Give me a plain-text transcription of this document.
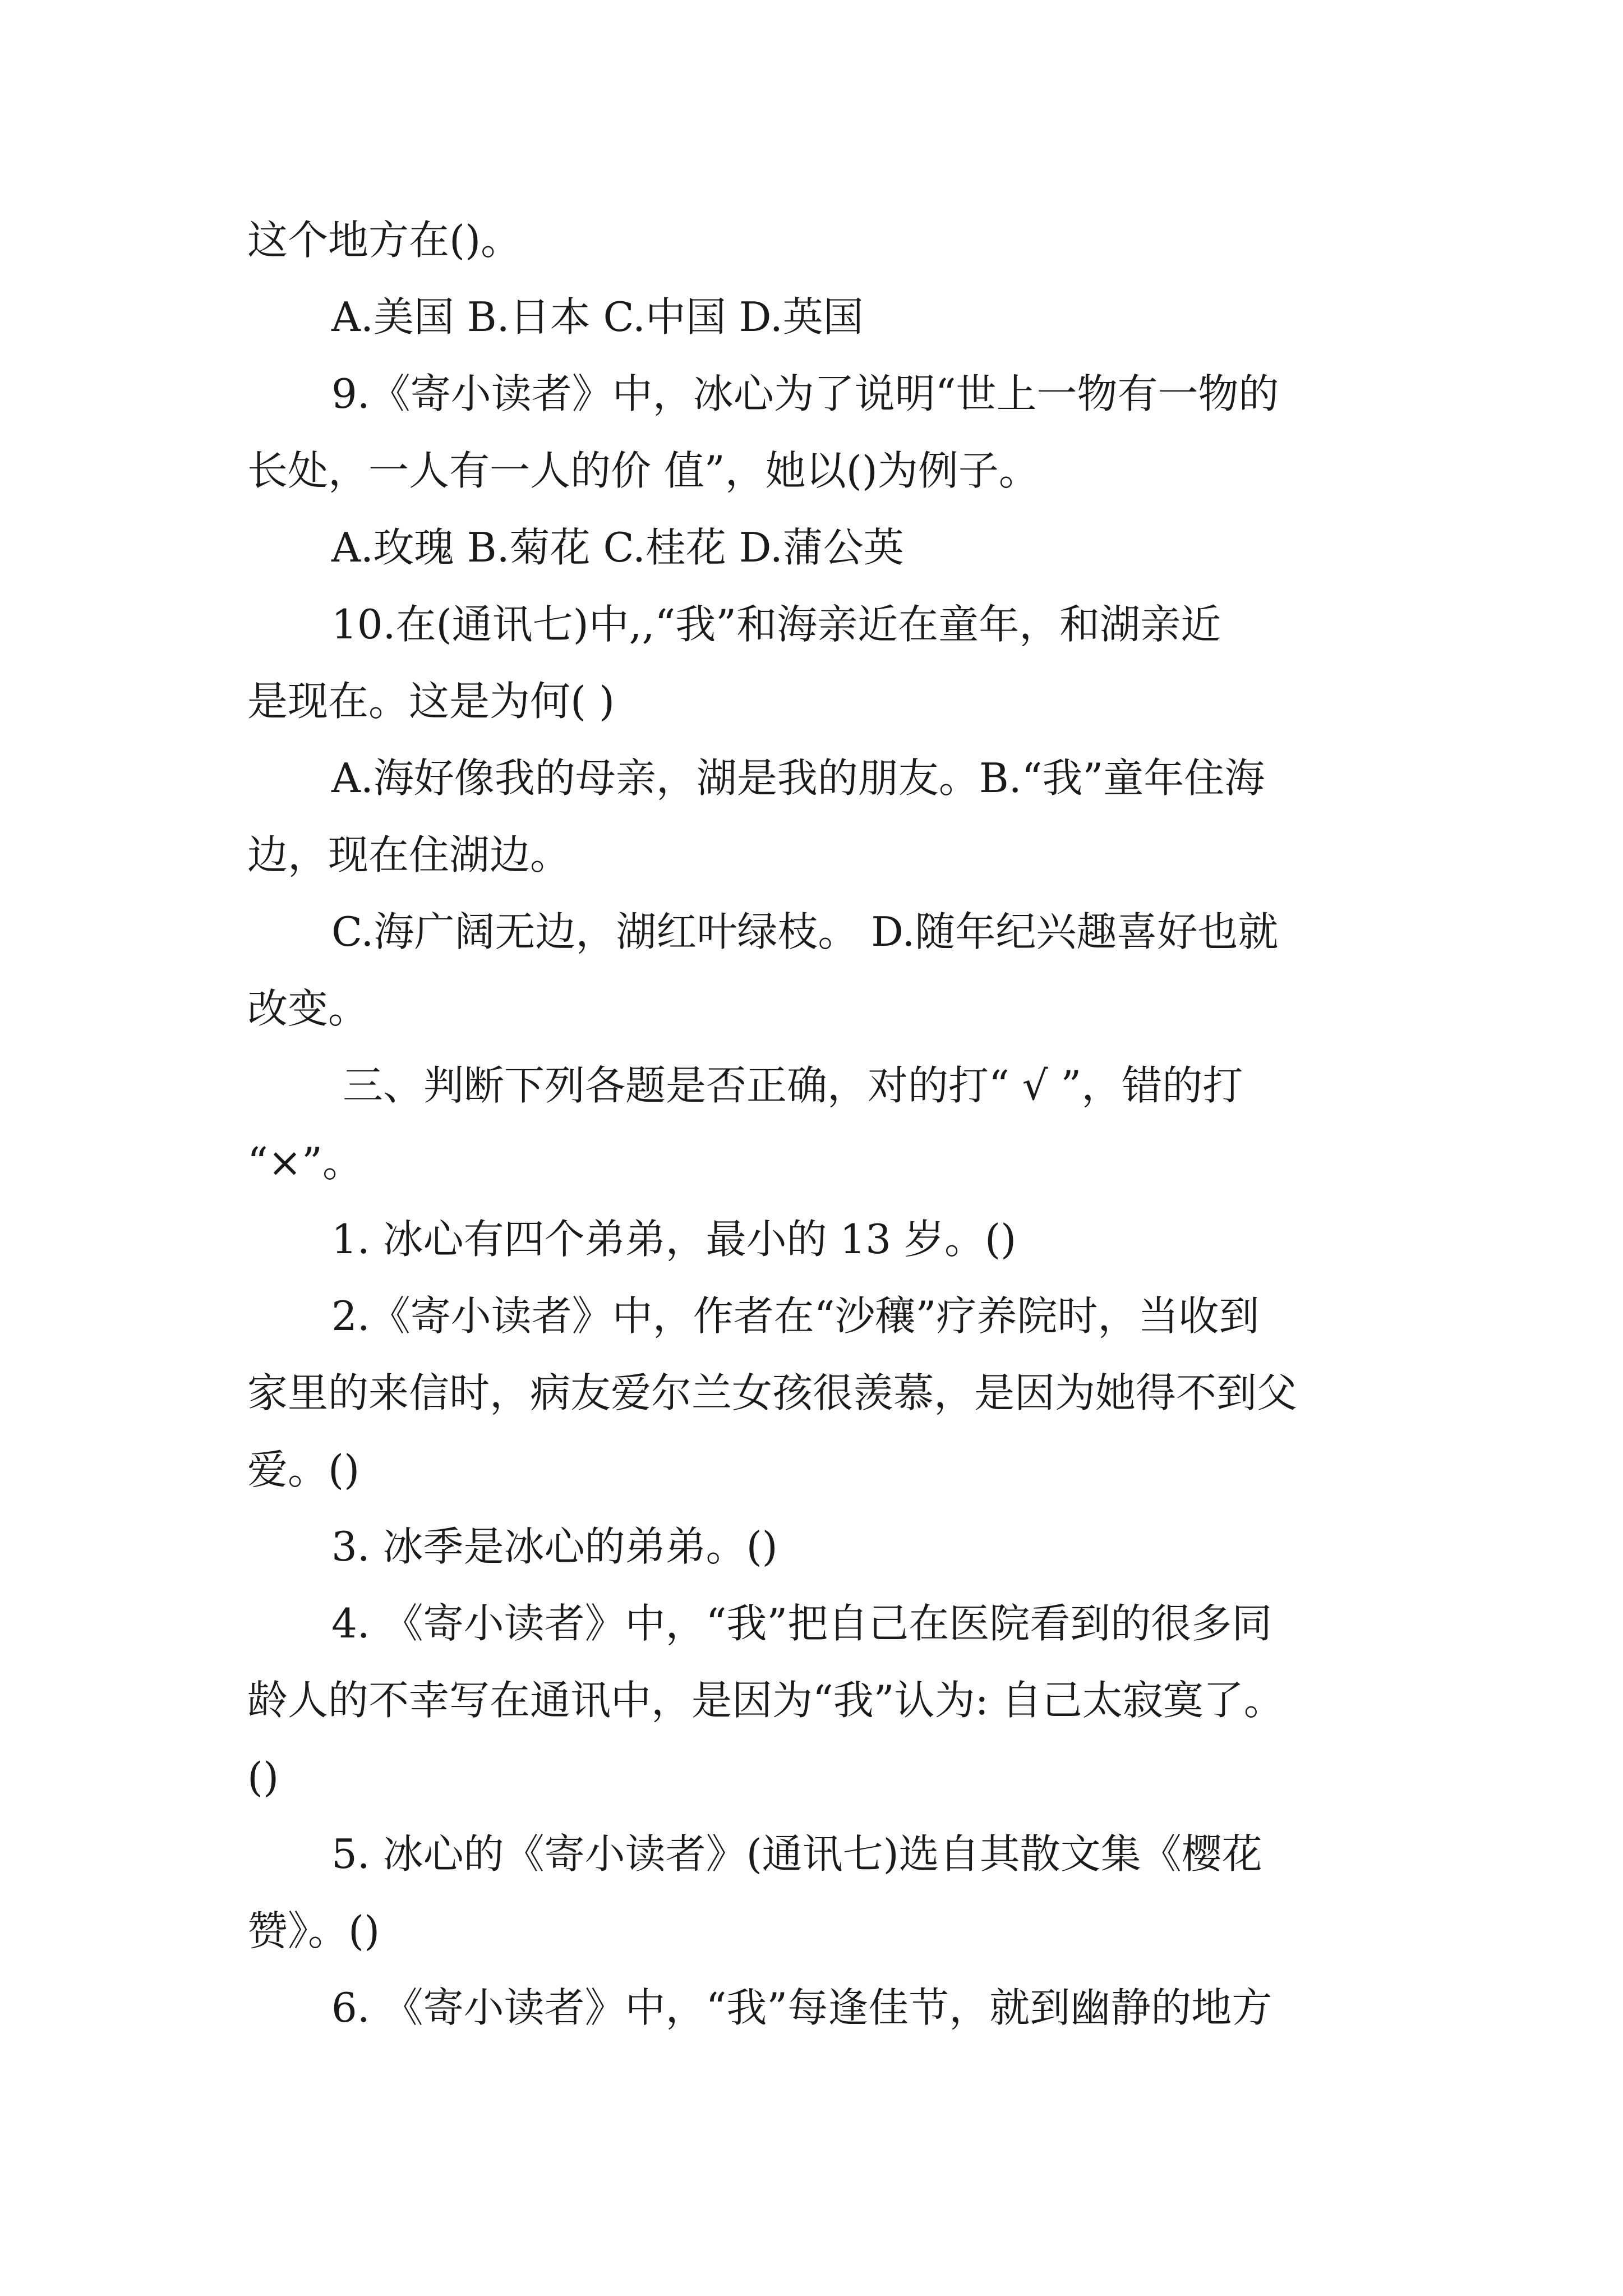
这个地方在()。
A.美国 B.日本 C.中国 D.英国
9.《寄小读者》中，冰心为了说明“世上一物有一物的
长处，一人有一人的价 值”，她以()为例子。
A.玫瑰 B.菊花 C.桂花 D.蒲公英
10.在(通讯七)中,,“我”和海亲近在童年，和湖亲近
是现在。这是为何( )
A.海好像我的母亲，湖是我的朋友。B.“我”童年住海
边，现在住湖边。
C.海广阔无边，湖红叶绿枝。 D.随年纪兴趣喜好也就
改变。
三、判断下列各题是否正确，对的打“ √ ”，错的打
“×”。
1. 冰心有四个弟弟，最小的 13 岁。()
2.《寄小读者》中，作者在“沙穰”疗养院时，当收到
家里的来信时，病友爱尔兰女孩很羡慕，是因为她得不到父
爱。()
3. 冰季是冰心的弟弟。()
4. 《寄小读者》中，“我”把自己在医院看到的很多同
龄人的不幸写在通讯中，是因为“我”认为: 自己太寂寞了。
()
5. 冰心的《寄小读者》(通讯七)选自其散文集《樱花
赞》。()
6. 《寄小读者》中，“我”每逢佳节，就到幽静的地方
